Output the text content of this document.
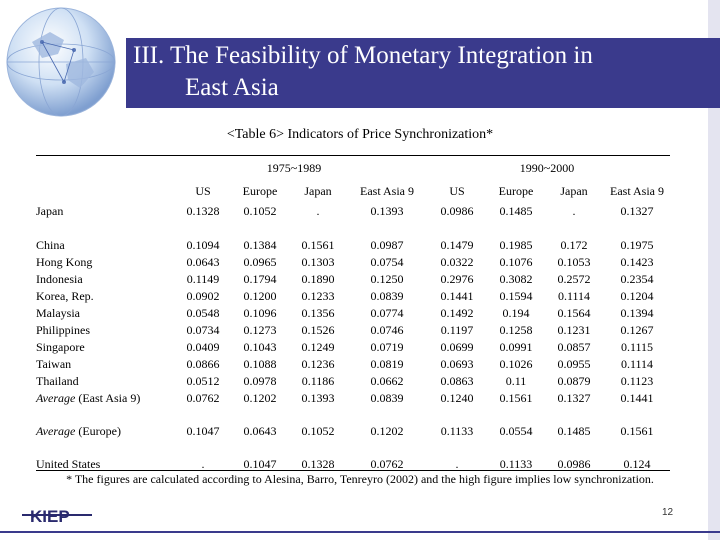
III. The Feasibility of Monetary Integration in
East Asia
<Table 6> Indicators of Price Synchronization*
1975~1989	1990~2000
US	Europe	Japan	East Asia 9	US	Europe	Japan	East Asia 9
Japan	0.1328	0.1052	.	0.1393	0.0986	0.1485	.	0.1327
China	0.1094	0.1384	0.1561	0.0987	0.1479	0.1985	0.172	0.1975
Hong Kong	0.0643	0.0965	0.1303	0.0754	0.0322	0.1076	0.1053	0.1423
Indonesia	0.1149	0.1794	0.1890	0.1250	0.2976	0.3082	0.2572	0.2354
Korea, Rep.	0.0902	0.1200	0.1233	0.0839	0.1441	0.1594	0.1114	0.1204
Malaysia	0.0548	0.1096	0.1356	0.0774	0.1492	0.194	0.1564	0.1394
Philippines	0.0734	0.1273	0.1526	0.0746	0.1197	0.1258	0.1231	0.1267
Singapore	0.0409	0.1043	0.1249	0.0719	0.0699	0.0991	0.0857	0.1115
Taiwan	0.0866	0.1088	0.1236	0.0819	0.0693	0.1026	0.0955	0.1114
Thailand	0.0512	0.0978	0.1186	0.0662	0.0863	0.11	0.0879	0.1123
Average (East Asia 9)	0.0762	0.1202	0.1393	0.0839	0.1240	0.1561	0.1327	0.1441
Average (Europe)	0.1047	0.0643	0.1052	0.1202	0.1133	0.0554	0.1485	0.1561
United States	.	0.1047	0.1328	0.0762	.	0.1133	0.0986	0.124
* The figures are calculated according to Alesina, Barro, Tenreyro (2002) and the high figure implies low synchronization.
KIEP	12
